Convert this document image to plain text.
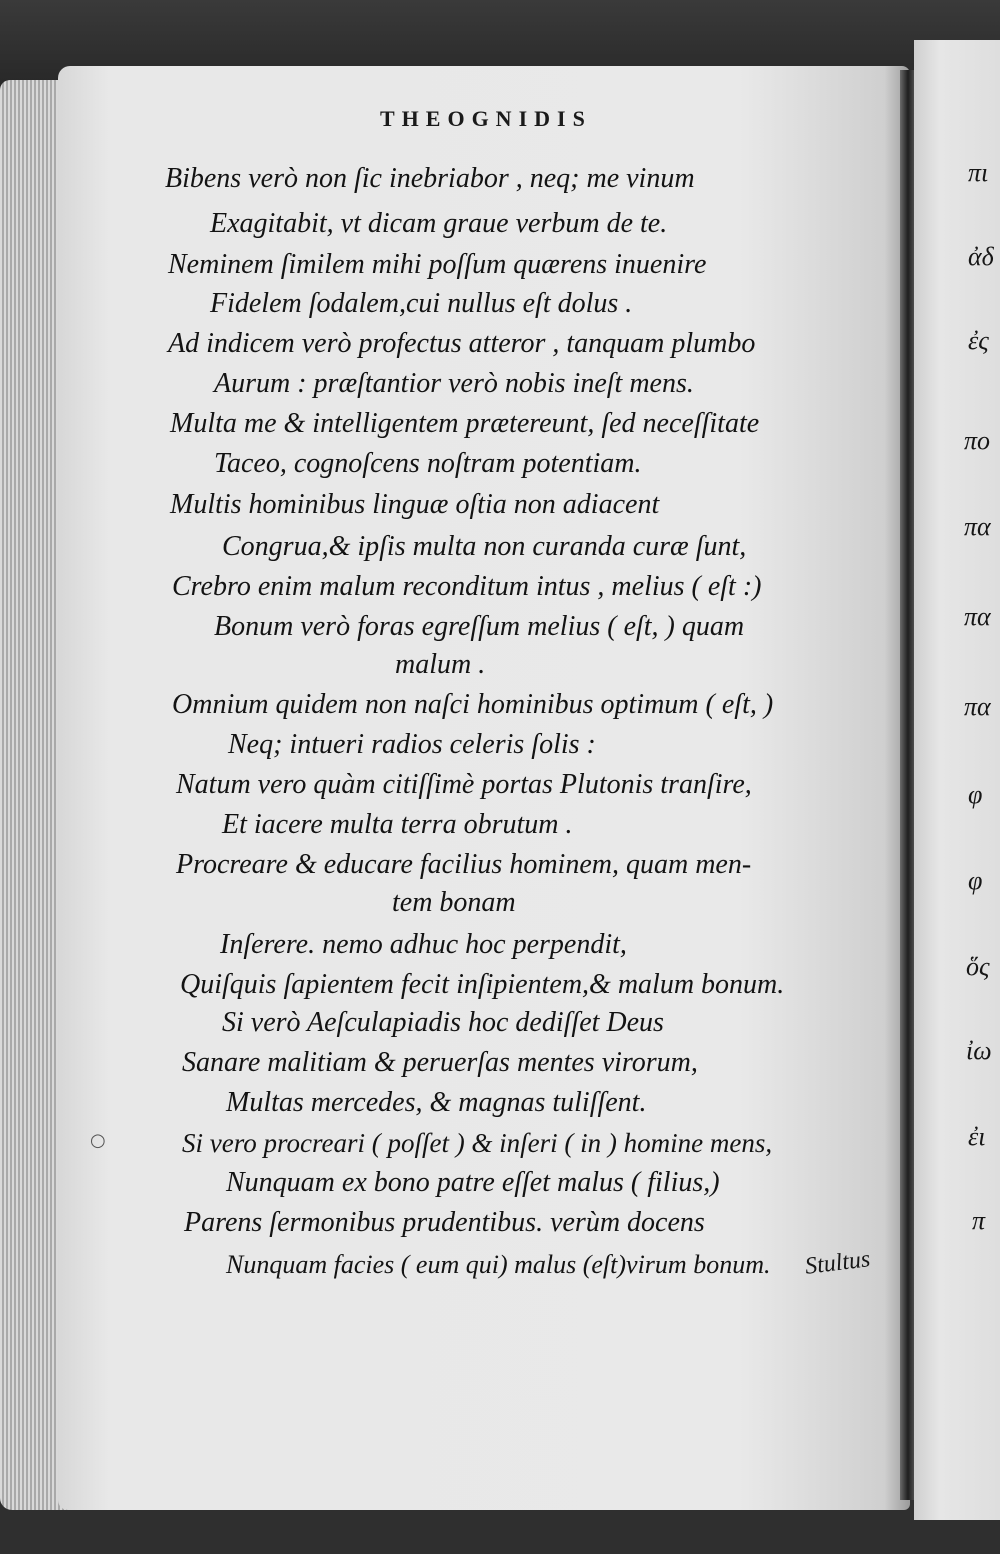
πι
ἀδ
ἐς
πο
πα
πα
πα
φ
φ
ὅς
ἰω
ἐι
π
THEOGNIDIS
Bibens verò non ſic inebriabor , neq; me vinum
Exagitabit, vt dicam graue verbum de te.
Neminem ſimilem mihi poſſum quærens inuenire
Fidelem ſodalem,cui nullus eſt dolus .
Ad indicem verò profectus atteror , tanquam plumbo
Aurum : præſtantior verò nobis ineſt mens.
Multa me & intelligentem prætereunt, ſed neceſſitate
Taceo, cognoſcens noſtram potentiam.
Multis hominibus linguæ oſtia non adiacent
Congrua,& ipſis multa non curanda curæ ſunt,
Crebro enim malum reconditum intus , melius ( eſt :)
Bonum verò foras egreſſum melius ( eſt, ) quam
malum .
Omnium quidem non naſci hominibus optimum ( eſt, )
Neq; intueri radios celeris ſolis :
Natum vero quàm citiſſimè portas Plutonis tranſire,
Et iacere multa terra obrutum .
Procreare & educare facilius hominem, quam men-
tem bonam
Inſerere. nemo adhuc hoc perpendit,
Quiſquis ſapientem fecit inſipientem,& malum bonum.
Si verò Aeſculapiadis hoc dediſſet Deus
Sanare malitiam & peruerſas mentes virorum,
Multas mercedes, & magnas tuliſſent.
Si vero procreari ( poſſet ) & inſeri ( in ) homine mens,
Nunquam ex bono patre eſſet malus ( filius,)
Parens ſermonibus prudentibus. verùm docens
Nunquam facies ( eum qui) malus (eſt)virum bonum. Stultus
○
